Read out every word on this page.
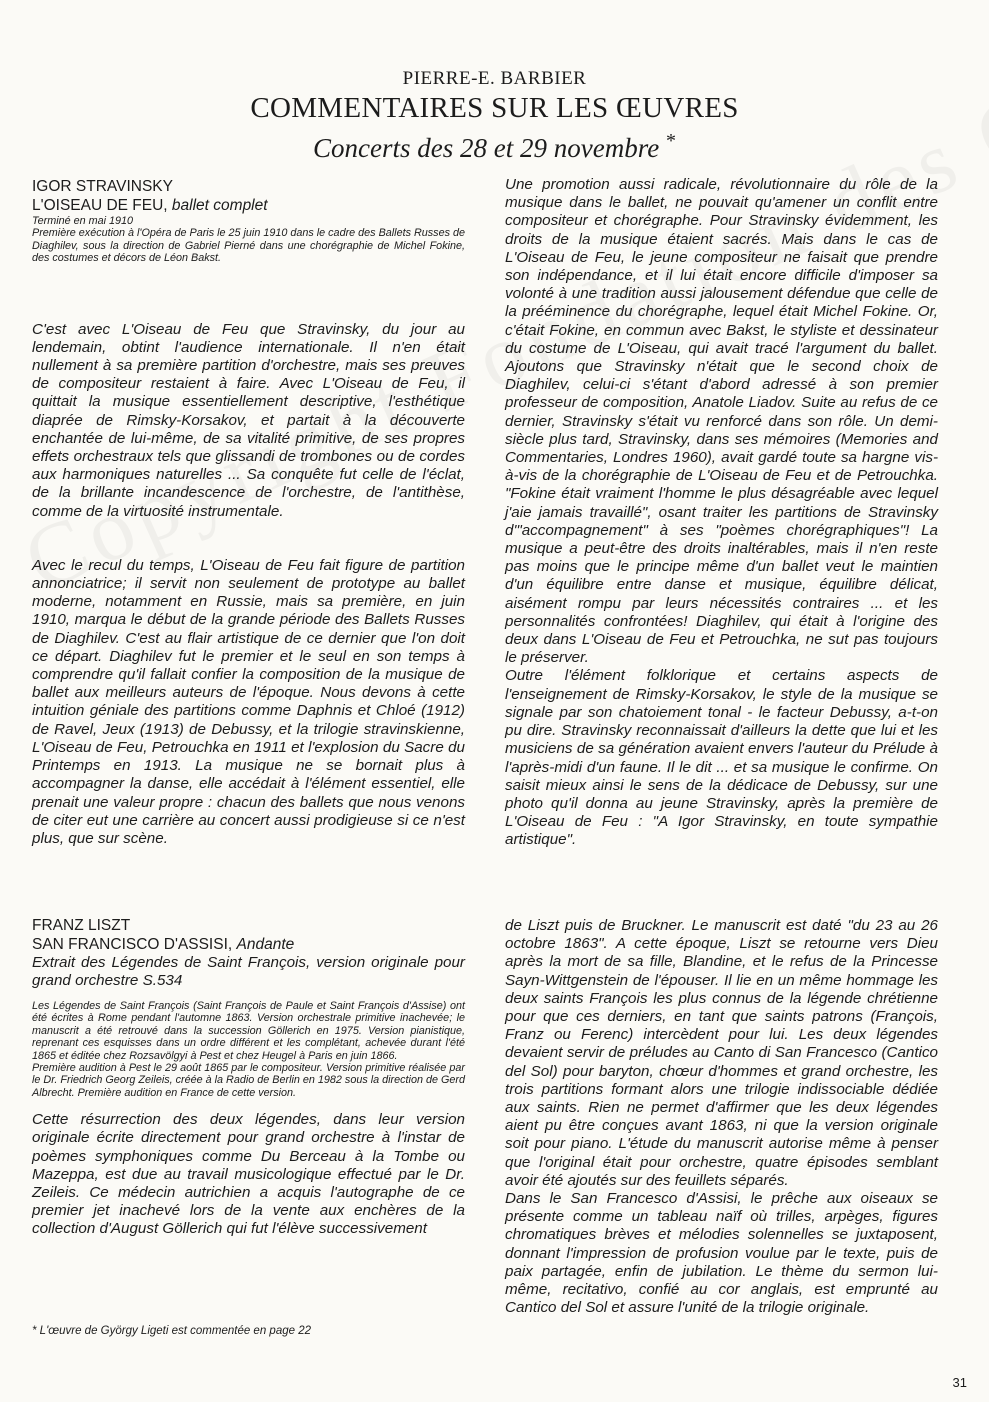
PIERRE-E. BARBIER
COMMENTAIRES SUR LES ŒUVRES
Concerts des 28 et 29 novembre *
IGOR STRAVINSKY
L'OISEAU DE FEU, ballet complet

Terminé en mai 1910

Première exécution à l'Opéra de Paris le 25 juin 1910 dans le cadre des Ballets Russes de Diaghilev, sous la direction de Gabriel Pierné dans une chorégraphie de Michel Fokine, des costumes et décors de Léon Bakst.

C'est avec L'Oiseau de Feu que Stravinsky, du jour au lendemain, obtint l'audience internationale. Il n'en était nullement à sa première partition d'orchestre, mais ses preuves de compositeur restaient à faire. Avec L'Oiseau de Feu, il quittait la musique essentiellement descriptive, l'esthétique diaprée de Rimsky-Korsakov, et partait à la découverte enchantée de lui-même, de sa vitalité primitive, de ses propres effets orchestraux tels que glissandi de trombones ou de cordes aux harmoniques naturelles ... Sa conquête fut celle de l'éclat, de la brillante incandescence de l'orchestre, de l'antithèse, comme de la virtuosité instrumentale.

Avec le recul du temps, L'Oiseau de Feu fait figure de partition annonciatrice; il servit non seulement de prototype au ballet moderne, notamment en Russie, mais sa première, en juin 1910, marqua le début de la grande période des Ballets Russes de Diaghilev. C'est au flair artistique de ce dernier que l'on doit ce départ. Diaghilev fut le premier et le seul en son temps à comprendre qu'il fallait confier la composition de la musique de ballet aux meilleurs auteurs de l'époque. Nous devons à cette intuition géniale des partitions comme Daphnis et Chloé (1912) de Ravel, Jeux (1913) de Debussy, et la trilogie stravinskienne, L'Oiseau de Feu, Petrouchka en 1911 et l'explosion du Sacre du Printemps en 1913. La musique ne se bornait plus à accompagner la danse, elle accédait à l'élément essentiel, elle prenait une valeur propre : chacun des ballets que nous venons de citer eut une carrière au concert aussi prodigieuse si ce n'est plus, que sur scène.

Une promotion aussi radicale, révolutionnaire du rôle de la musique dans le ballet, ne pouvait qu'amener un conflit entre compositeur et chorégraphe. Pour Stravinsky évidemment, les droits de la musique étaient sacrés. Mais dans le cas de L'Oiseau de Feu, le jeune compositeur ne faisait que prendre son indépendance, et il lui était encore difficile d'imposer sa volonté à une tradition aussi jalousement défendue que celle de la prééminence du chorégraphe, lequel était Michel Fokine. Or, c'était Fokine, en commun avec Bakst, le styliste et dessinateur du costume de L'Oiseau, qui avait tracé l'argument du ballet. Ajoutons que Stravinsky n'était que le second choix de Diaghilev, celui-ci s'étant d'abord adressé à son premier professeur de composition, Anatole Liadov. Suite au refus de ce dernier, Stravinsky s'était vu renforcé dans son rôle. Un demi-siècle plus tard, Stravinsky, dans ses mémoires (Memories and Commentaries, Londres 1960), avait gardé toute sa hargne vis-à-vis de la chorégraphie de L'Oiseau de Feu et de Petrouchka. "Fokine était vraiment l'homme le plus désagréable avec lequel j'aie jamais travaillé", osant traiter les partitions de Stravinsky d'"accompagnement" à ses "poèmes chorégraphiques"! La musique a peut-être des droits inaltérables, mais il n'en reste pas moins que le principe même d'un ballet veut le maintien d'un équilibre entre danse et musique, équilibre délicat, aisément rompu par leurs nécessités contraires ... et les personnalités confrontées! Diaghilev, qui était à l'origine des deux dans L'Oiseau de Feu et Petrouchka, ne sut pas toujours le préserver.

Outre l'élément folklorique et certains aspects de l'enseignement de Rimsky-Korsakov, le style de la musique se signale par son chatoiement tonal - le facteur Debussy, a-t-on pu dire. Stravinsky reconnaissait d'ailleurs la dette que lui et les musiciens de sa génération avaient envers l'auteur du Prélude à l'après-midi d'un faune. Il le dit ... et sa musique le confirme. On saisit mieux ainsi le sens de la dédicace de Debussy, sur une photo qu'il donna au jeune Stravinsky, après la première de L'Oiseau de Feu : "A Igor Stravinsky, en toute sympathie artistique".

FRANZ LISZT
SAN FRANCISCO D'ASSISI, Andante

Extrait des Légendes de Saint François, version originale pour grand orchestre S.534

Les Légendes de Saint François (Saint François de Paule et Saint François d'Assise) ont été écrites à Rome pendant l'automne 1863. Version orchestrale primitive inachevée; le manuscrit a été retrouvé dans la succession Göllerich en 1975. Version pianistique, reprenant ces esquisses dans un ordre différent et les complétant, achevée durant l'été 1865 et éditée chez Rozsavölgyi à Pest et chez Heugel à Paris en juin 1866.

Première audition à Pest le 29 août 1865 par le compositeur. Version primitive réalisée par le Dr. Friedrich Georg Zeileis, créée à la Radio de Berlin en 1982 sous la direction de Gerd Albrecht. Première audition en France de cette version.

Cette résurrection des deux légendes, dans leur version originale écrite directement pour grand orchestre à l'instar de poèmes symphoniques comme Du Berceau à la Tombe ou Mazeppa, est due au travail musicologique effectué par le Dr. Zeileis. Ce médecin autrichien a acquis l'autographe de ce premier jet inachevé lors de la vente aux enchères de la collection d'August Göllerich qui fut l'élève successivement

de Liszt puis de Bruckner. Le manuscrit est daté "du 23 au 26 octobre 1863". A cette époque, Liszt se retourne vers Dieu après la mort de sa fille, Blandine, et le refus de la Princesse Sayn-Wittgenstein de l'épouser. Il lie en un même hommage les deux saints François les plus connus de la légende chrétienne pour que ces derniers, en tant que saints patrons (François, Franz ou Ferenc) intercèdent pour lui. Les deux légendes devaient servir de préludes au Canto di San Francesco (Cantico del Sol) pour baryton, chœur d'hommes et grand orchestre, les trois partitions formant alors une trilogie indissociable dédiée aux saints. Rien ne permet d'affirmer que les deux légendes aient pu être conçues avant 1863, ni que la version originale soit pour piano. L'étude du manuscrit autorise même à penser que l'original était pour orchestre, quatre épisodes semblant avoir été ajoutés sur des feuillets séparés.

Dans le San Francesco d'Assisi, le prêche aux oiseaux se présente comme un tableau naïf où trilles, arpèges, figures chromatiques brèves et mélodies solennelles se juxtaposent, donnant l'impression de profusion voulue par le texte, puis de paix partagée, enfin de jubilation. Le thème du sermon lui-même, recitativo, confié au cor anglais, est emprunté au Cantico del Sol et assure l'unité de la trilogie originale.

* L'œuvre de György Ligeti est commentée en page 22
31
